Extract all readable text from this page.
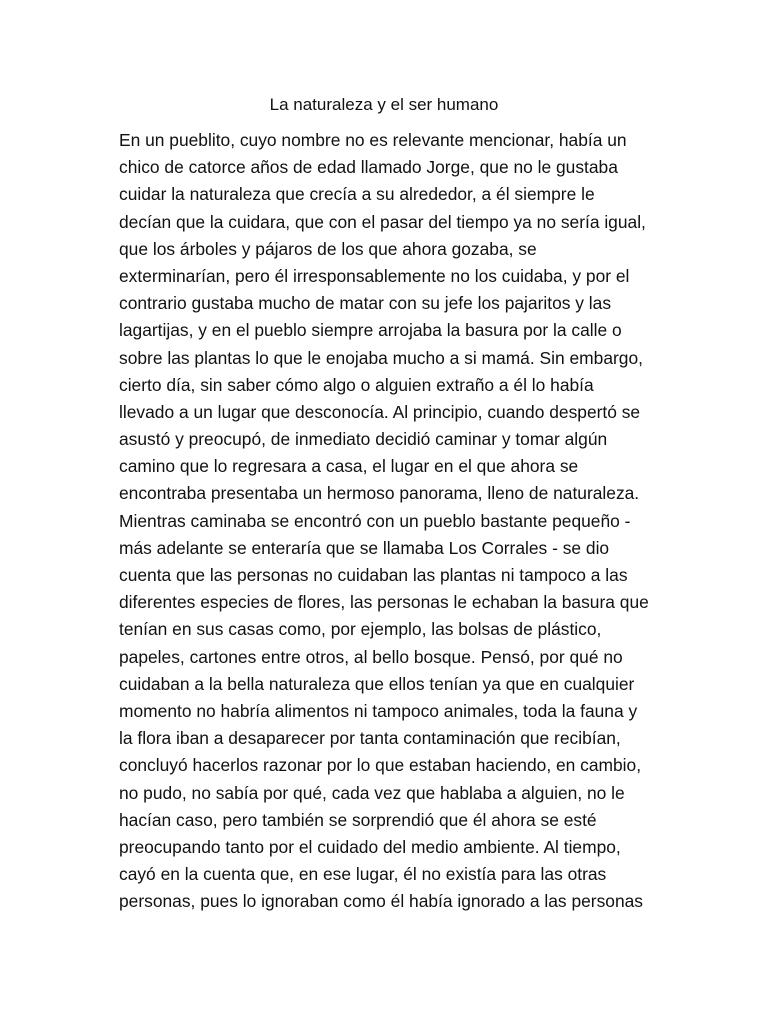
La naturaleza y el ser humano
En un pueblito, cuyo nombre no es relevante mencionar, había un
chico de catorce años de edad llamado Jorge, que no le gustaba
cuidar la naturaleza que crecía a su alrededor, a él siempre le
decían que la cuidara, que con el pasar del tiempo ya no sería igual,
que los árboles y pájaros de los que ahora gozaba, se
exterminarían, pero él irresponsablemente no los cuidaba, y por el
contrario gustaba mucho de matar con su jefe los pajaritos y las
lagartijas, y en el pueblo siempre arrojaba la basura por la calle o
sobre las plantas lo que le enojaba mucho a si mamá. Sin embargo,
cierto día, sin saber cómo algo o alguien extraño a él lo había
llevado a un lugar que desconocía. Al principio, cuando despertó se
asustó y preocupó, de inmediato decidió caminar y tomar algún
camino que lo regresara a casa, el lugar en el que ahora se
encontraba presentaba un hermoso panorama, lleno de naturaleza.
Mientras caminaba se encontró con un pueblo bastante pequeño -
más adelante se enteraría que se llamaba Los Corrales - se dio
cuenta que las personas no cuidaban las plantas ni tampoco a las
diferentes especies de flores, las personas le echaban la basura que
tenían en sus casas como, por ejemplo, las bolsas de plástico,
papeles, cartones entre otros, al bello bosque. Pensó, por qué no
cuidaban a la bella naturaleza que ellos tenían ya que en cualquier
momento no habría alimentos ni tampoco animales, toda la fauna y
la flora iban a desaparecer por tanta contaminación que recibían,
concluyó hacerlos razonar por lo que estaban haciendo, en cambio,
no pudo, no sabía por qué, cada vez que hablaba a alguien, no le
hacían caso, pero también se sorprendió que él ahora se esté
preocupando tanto por el cuidado del medio ambiente. Al tiempo,
cayó en la cuenta que, en ese lugar, él no existía para las otras
personas, pues lo ignoraban como él había ignorado a las personas
